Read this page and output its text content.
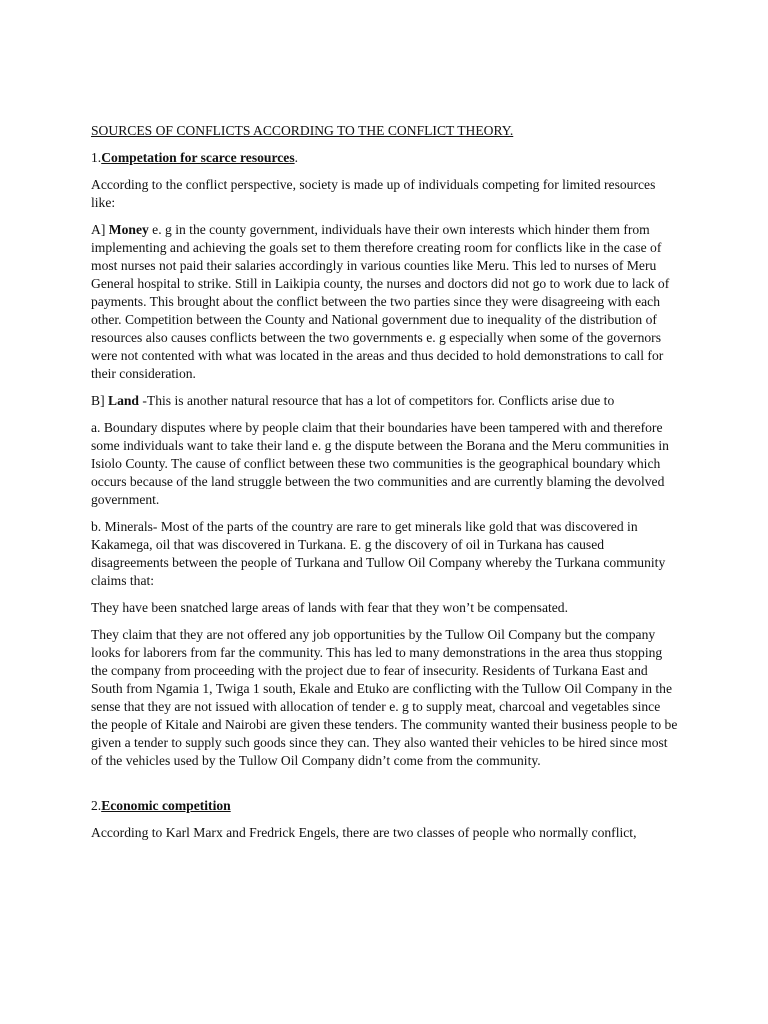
SOURCES OF CONFLICTS ACCORDING TO THE CONFLICT THEORY.

1.Competation for scarce resources.

According to the conflict perspective, society is made up of individuals competing for limited resources like:

A] Money e. g in the county government, individuals have their own interests which hinder them from implementing and achieving the goals set to them therefore creating room for conflicts like in the case of most nurses not paid their salaries accordingly in various counties like Meru. This led to nurses of Meru General hospital to strike. Still in Laikipia county, the nurses and doctors did not go to work due to lack of payments. This brought about the conflict between the two parties since they were disagreeing with each other. Competition between the County and National government due to inequality of the distribution of resources also causes conflicts between the two governments e. g especially when some of the governors were not contented with what was located in the areas and thus decided to hold demonstrations to call for their consideration.

B] Land -This is another natural resource that has a lot of competitors for. Conflicts arise due to

a. Boundary disputes where by people claim that their boundaries have been tampered with and therefore some individuals want to take their land e. g the dispute between the Borana and the Meru communities in Isiolo County. The cause of conflict between these two communities is the geographical boundary which occurs because of the land struggle between the two communities and are currently blaming the devolved government.

b. Minerals- Most of the parts of the country are rare to get minerals like gold that was discovered in Kakamega, oil that was discovered in Turkana. E. g the discovery of oil in Turkana has caused disagreements between the people of Turkana and Tullow Oil Company whereby the Turkana community claims that:

They have been snatched large areas of lands with fear that they won’t be compensated.

They claim that they are not offered any job opportunities by the Tullow Oil Company but the company looks for laborers from far the community. This has led to many demonstrations in the area thus stopping the company from proceeding with the project due to fear of insecurity. Residents of Turkana East and South from Ngamia 1, Twiga 1 south, Ekale and Etuko are conflicting with the Tullow Oil Company in the sense that they are not issued with allocation of tender e. g to supply meat, charcoal and vegetables since the people of Kitale and Nairobi are given these tenders. The community wanted their business people to be given a tender to supply such goods since they can. They also wanted their vehicles to be hired since most of the vehicles used by the Tullow Oil Company didn’t come from the community.

2.Economic competition

According to Karl Marx and Fredrick Engels, there are two classes of people who normally conflict,
